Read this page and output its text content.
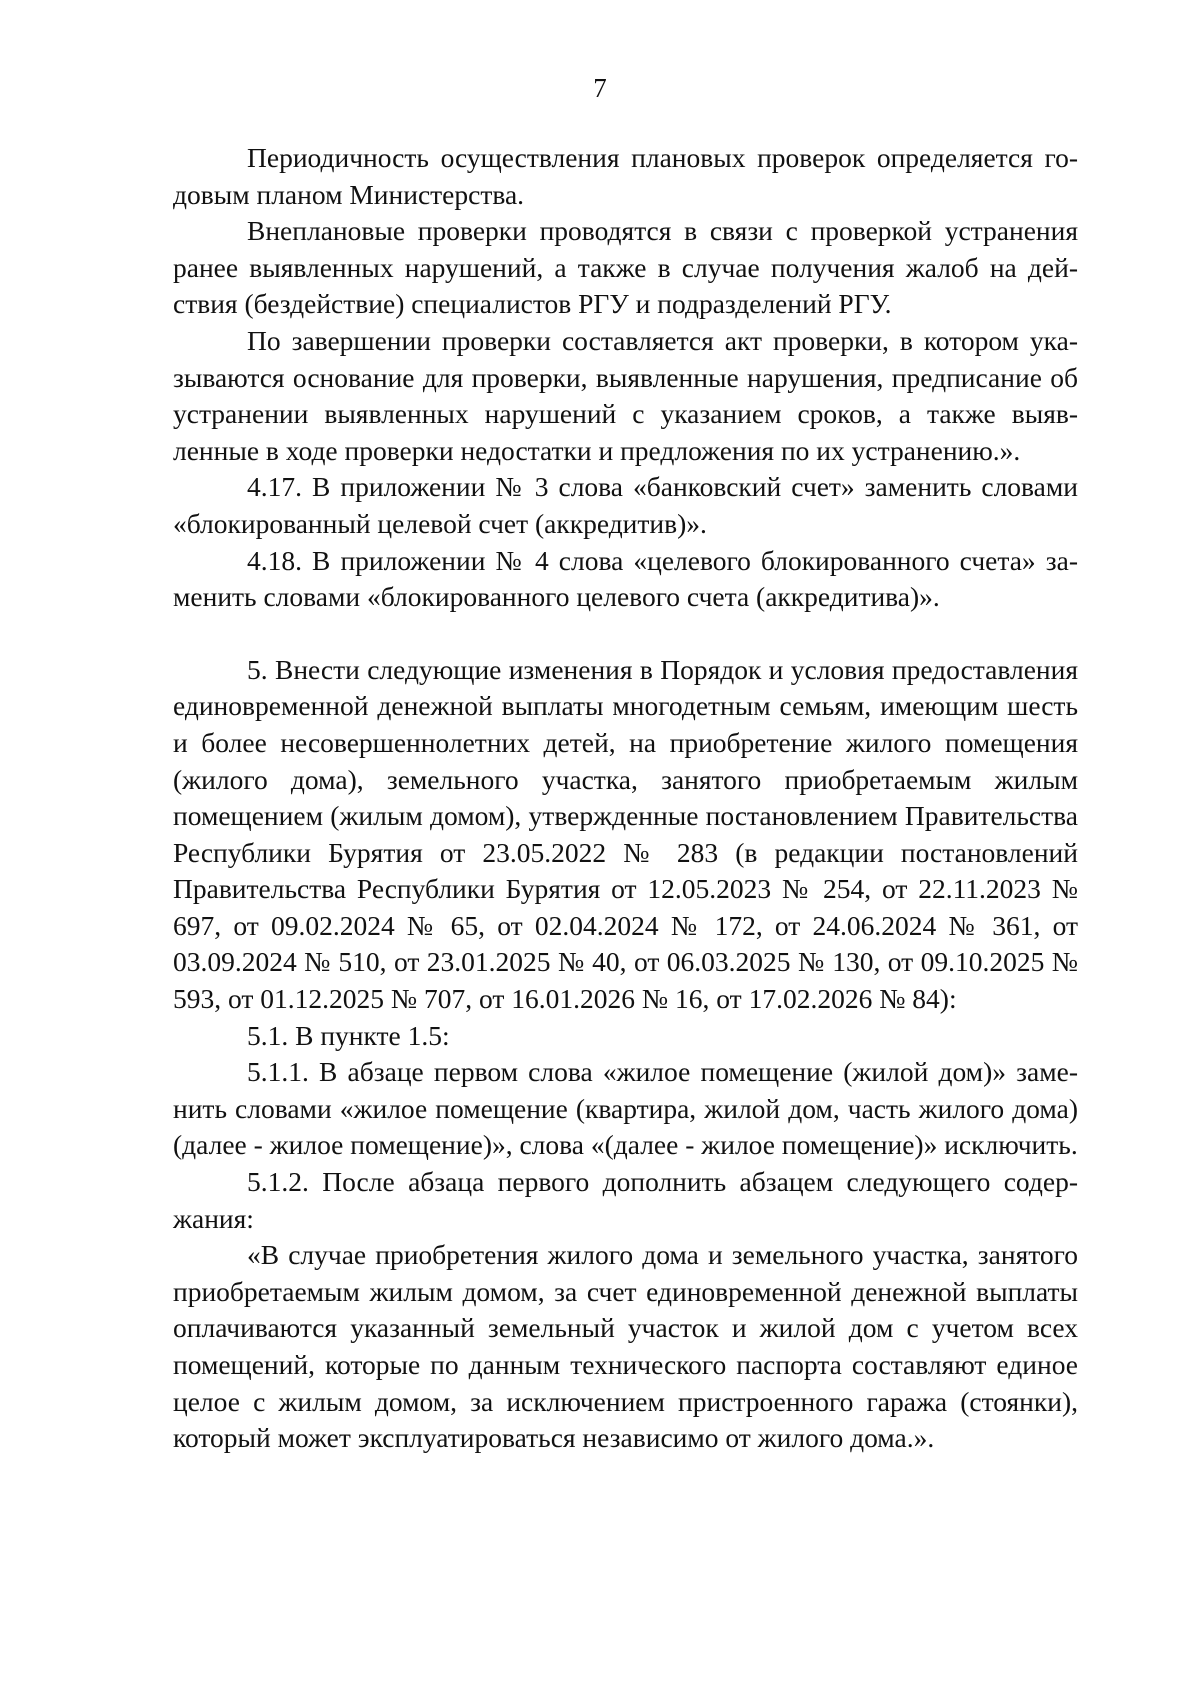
7

Периодичность осуществления плановых проверок определяется годовым планом Министерства.

Внеплановые проверки проводятся в связи с проверкой устранения ранее выявленных нарушений, а также в случае получения жалоб на действия (бездействие) специалистов РГУ и подразделений РГУ.

По завершении проверки составляется акт проверки, в котором указываются основание для проверки, выявленные нарушения, предписание об устранении выявленных нарушений с указанием сроков, а также выявленные в ходе проверки недостатки и предложения по их устранению.».

4.17. В приложении № 3 слова «банковский счет» заменить словами «блокированный целевой счет (аккредитив)».

4.18. В приложении № 4 слова «целевого блокированного счета» заменить словами «блокированного целевого счета (аккредитива)».

5. Внести следующие изменения в Порядок и условия предоставления единовременной денежной выплаты многодетным семьям, имеющим шесть и более несовершеннолетних детей, на приобретение жилого помещения (жилого дома), земельного участка, занятого приобретаемым жилым помещением (жилым домом), утвержденные постановлением Правительства Республики Бурятия от 23.05.2022 № 283 (в редакции постановлений Правительства Республики Бурятия от 12.05.2023 № 254, от 22.11.2023 № 697, от 09.02.2024 № 65, от 02.04.2024 № 172, от 24.06.2024 № 361, от 03.09.2024 № 510, от 23.01.2025 № 40, от 06.03.2025 № 130, от 09.10.2025 № 593, от 01.12.2025 № 707, от 16.01.2026 № 16, от 17.02.2026 № 84):

5.1. В пункте 1.5:

5.1.1. В абзаце первом слова «жилое помещение (жилой дом)» заменить словами «жилое помещение (квартира, жилой дом, часть жилого дома) (далее - жилое помещение)», слова «(далее - жилое помещение)» исключить.

5.1.2. После абзаца первого дополнить абзацем следующего содержания:

«В случае приобретения жилого дома и земельного участка, занятого приобретаемым жилым домом, за счет единовременной денежной выплаты оплачиваются указанный земельный участок и жилой дом с учетом всех помещений, которые по данным технического паспорта составляют единое целое с жилым домом, за исключением пристроенного гаража (стоянки), который может эксплуатироваться независимо от жилого дома.».
